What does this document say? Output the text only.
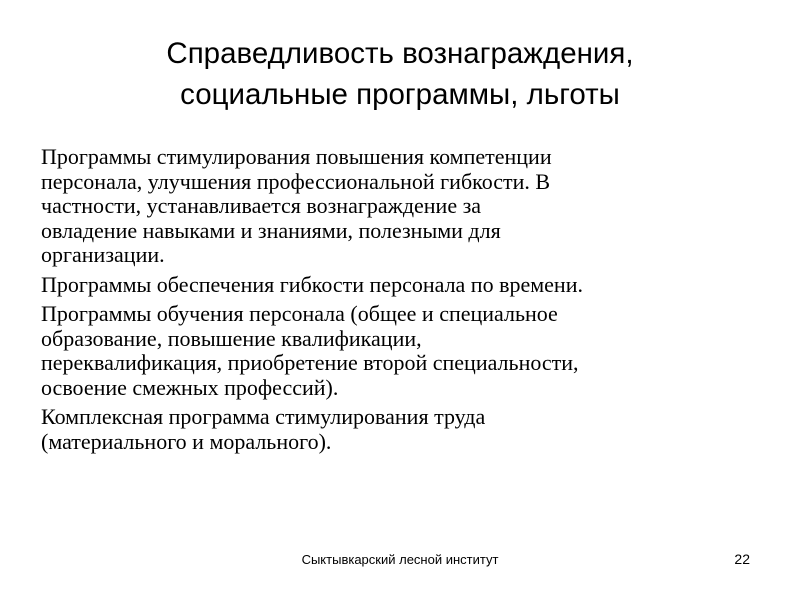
Справедливость вознаграждения,
социальные программы, льготы
Программы стимулирования повышения компетенции
персонала, улучшения профессиональной гибкости. В
частности, устанавливается вознаграждение за
овладение навыками и знаниями, полезными для
организации.
Программы обеспечения гибкости персонала по времени.
Программы обучения персонала (общее и специальное
образование, повышение квалификации,
переквалификация, приобретение второй специальности,
освоение смежных профессий).
Комплексная программа стимулирования труда
(материального и морального).
Сыктывкарский лесной институт	22
